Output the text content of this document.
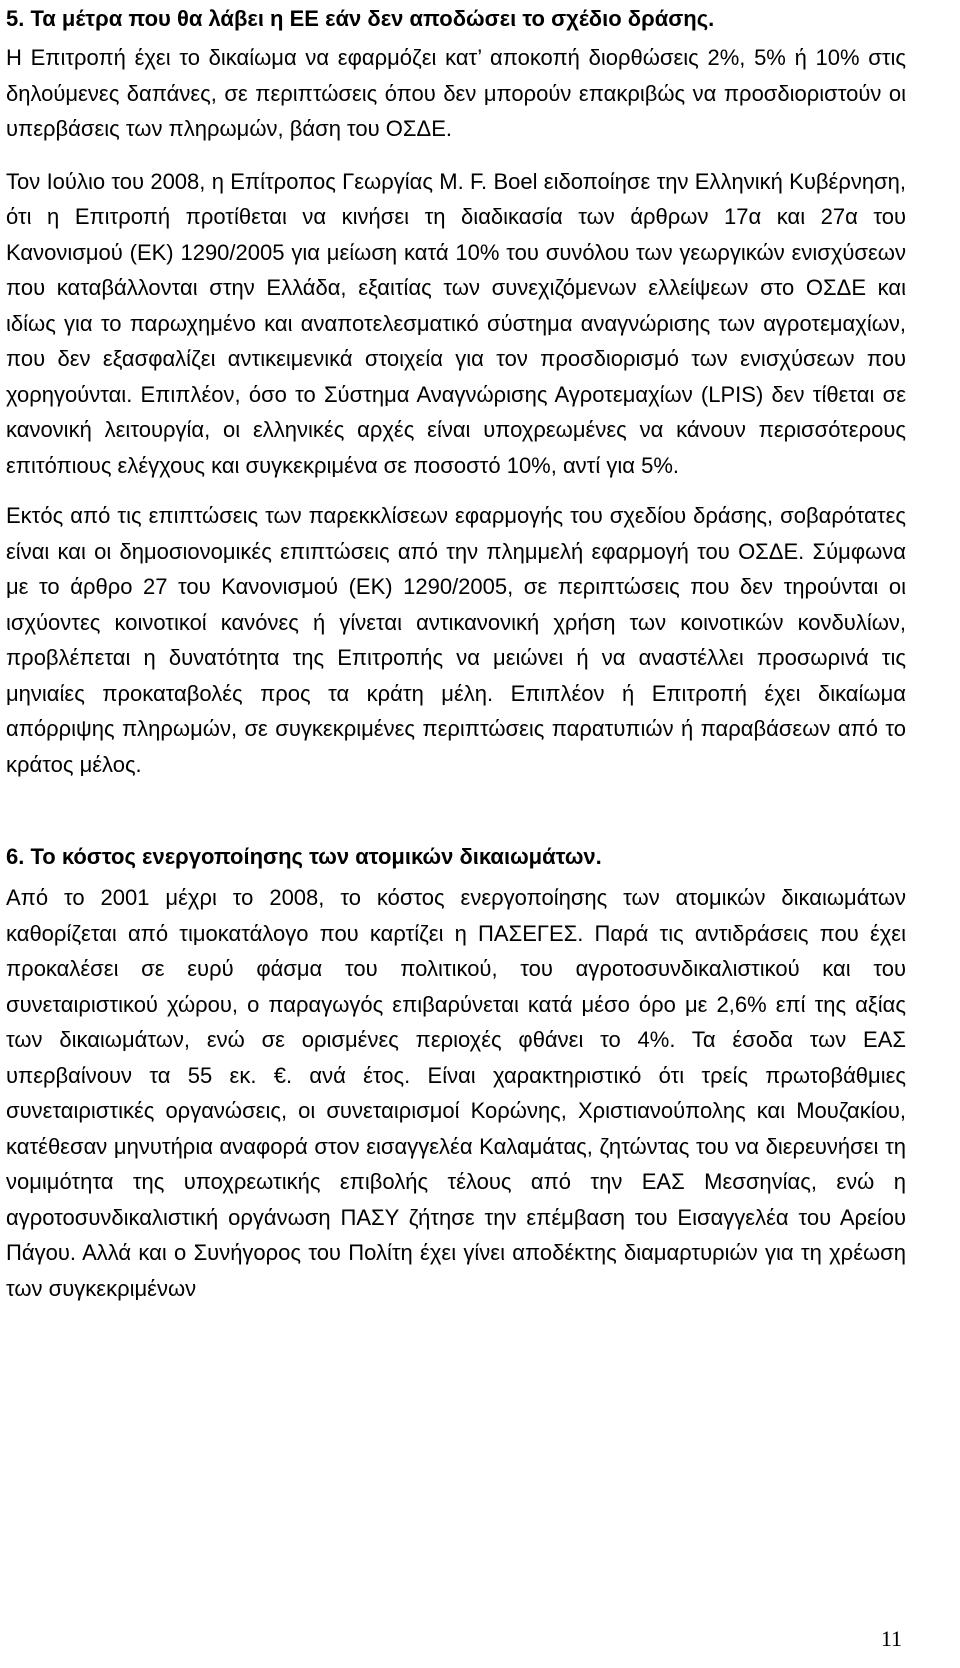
5. Τα μέτρα που θα λάβει η ΕΕ εάν δεν αποδώσει το σχέδιο δράσης.

Η Επιτροπή έχει το δικαίωμα να εφαρμόζει κατ’ αποκοπή διορθώσεις 2%, 5% ή 10% στις δηλούμενες δαπάνες, σε περιπτώσεις όπου δεν μπορούν επακριβώς να προσδιοριστούν οι υπερβάσεις των πληρωμών, βάση του ΟΣΔΕ.

Τον Ιούλιο του 2008, η Επίτροπος Γεωργίας Μ. F. Boel ειδοποίησε την Ελληνική Κυβέρνηση, ότι η Επιτροπή προτίθεται να κινήσει τη διαδικασία των άρθρων 17α και 27α του Κανονισμού (ΕΚ) 1290/2005 για μείωση κατά 10% του συνόλου των γεωργικών ενισχύσεων που καταβάλλονται στην Ελλάδα, εξαιτίας των συνεχιζόμενων ελλείψεων στο ΟΣΔΕ και ιδίως για το παρωχημένο και αναποτελεσματικό σύστημα αναγνώρισης των αγροτεμαχίων, που δεν εξασφαλίζει αντικειμενικά στοιχεία για τον προσδιορισμό των ενισχύσεων που χορηγούνται. Επιπλέον, όσο το Σύστημα Αναγνώρισης Αγροτεμαχίων (LPIS) δεν τίθεται σε κανονική λειτουργία, οι ελληνικές αρχές είναι υποχρεωμένες να κάνουν περισσότερους επιτόπιους ελέγχους και συγκεκριμένα σε ποσοστό 10%, αντί για 5%.

Εκτός από τις επιπτώσεις των παρεκκλίσεων εφαρμογής του σχεδίου δράσης, σοβαρότατες είναι και οι δημοσιονομικές επιπτώσεις από την πλημμελή εφαρμογή του ΟΣΔΕ. Σύμφωνα με το άρθρο 27 του Κανονισμού (ΕΚ) 1290/2005, σε περιπτώσεις που δεν τηρούνται οι ισχύοντες κοινοτικοί κανόνες ή γίνεται αντικανονική χρήση των κοινοτικών κονδυλίων, προβλέπεται η δυνατότητα της Επιτροπής να μειώνει ή να αναστέλλει προσωρινά τις μηνιαίες προκαταβολές προς τα κράτη μέλη. Επιπλέον ή Επιτροπή έχει δικαίωμα απόρριψης πληρωμών, σε συγκεκριμένες περιπτώσεις παρατυπιών ή παραβάσεων από το κράτος μέλος.

6. Το κόστος ενεργοποίησης των ατομικών δικαιωμάτων.

Από το 2001 μέχρι το 2008, το κόστος ενεργοποίησης των ατομικών δικαιωμάτων καθορίζεται από τιμοκατάλογο που καρτίζει η ΠΑΣΕΓΕΣ. Παρά τις αντιδράσεις που έχει προκαλέσει σε ευρύ φάσμα του πολιτικού, του αγροτοσυνδικαλιστικού και του συνεταιριστικού χώρου, ο παραγωγός επιβαρύνεται κατά μέσο όρο με 2,6% επί της αξίας των δικαιωμάτων, ενώ σε ορισμένες περιοχές φθάνει το 4%. Τα έσοδα των ΕΑΣ υπερβαίνουν τα 55 εκ. €. ανά έτος. Είναι χαρακτηριστικό ότι τρείς πρωτοβάθμιες συνεταιριστικές οργανώσεις, οι συνεταιρισμοί Κορώνης, Χριστιανούπολης και Μουζακίου, κατέθεσαν μηνυτήρια αναφορά στον εισαγγελέα Καλαμάτας, ζητώντας του να διερευνήσει τη νομιμότητα της υποχρεωτικής επιβολής τέλους από την ΕΑΣ Μεσσηνίας, ενώ η αγροτοσυνδικαλιστική οργάνωση ΠΑΣΥ ζήτησε την επέμβαση του Εισαγγελέα του Αρείου Πάγου. Αλλά και ο Συνήγορος του Πολίτη έχει γίνει αποδέκτης διαμαρτυριών για τη χρέωση των συγκεκριμένων

11
